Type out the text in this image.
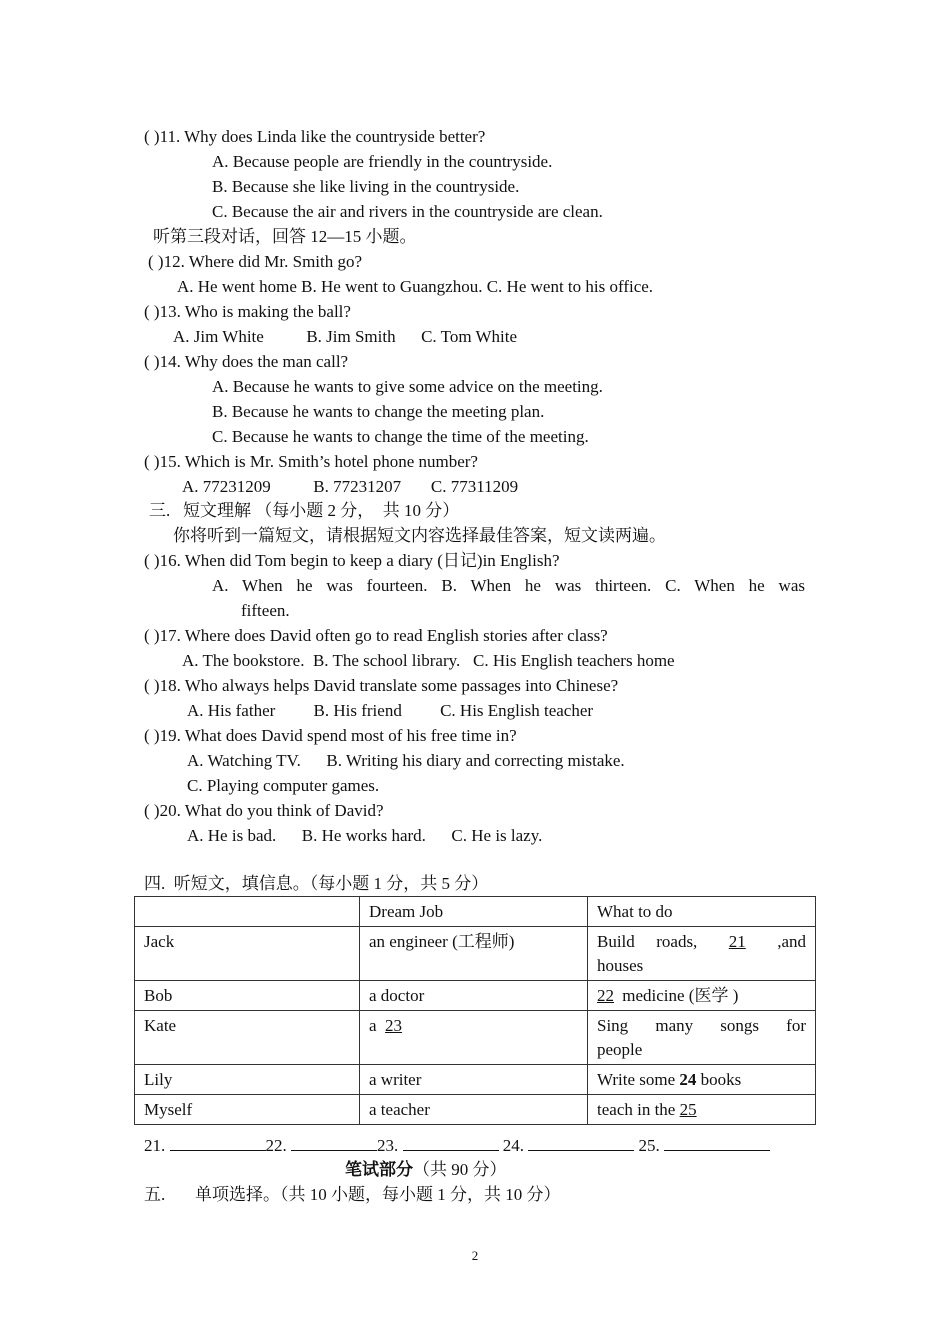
( )11. Why does Linda like the countryside better?
A. Because people are friendly in the countryside.
B. Because she like living in the countryside.
C. Because the air and rivers in the countryside are clean.
听第三段对话，回答 12—15 小题。
( )12. Where did Mr. Smith go?
A. He went home B. He went to Guangzhou. C. He went to his office.
( )13. Who is making the ball?
A. Jim White          B. Jim Smith      C. Tom White
( )14. Why does the man call?
A. Because he wants to give some advice on the meeting.
B. Because he wants to change the meeting plan.
C. Because he wants to change the time of the meeting.
( )15. Which is Mr. Smith’s hotel phone number?
A. 77231209          B. 77231207       C. 77311209
三.   短文理解 （每小题 2 分，  共 10 分）
你将听到一篇短文，请根据短文内容选择最佳答案，短文读两遍。
( )16. When did Tom begin to keep a diary (日记)in English?
A. When he was fourteen. B. When he was thirteen. C. When he was
fifteen.
( )17. Where does David often go to read English stories after class?
A. The bookstore.  B. The school library.   C. His English teachers home
( )18. Who always helps David translate some passages into Chinese?
A. His father         B. His friend         C. His English teacher
( )19. What does David spend most of his free time in?
A. Watching TV.      B. Writing his diary and correcting mistake.
C. Playing computer games.
( )20. What do you think of David?
A. He is bad.      B. He works hard.      C. He is lazy.
四.  听短文，填信息。（每小题 1 分，共 5 分）
	Dream Job	What to do
Jack	an engineer (工程师)	Build roads, 21 ,and
houses
Bob	a doctor	22 medicine (医学 )
Kate	a  23	Sing many songs for
people
Lily	a writer	Write some 24 books
Myself	a teacher	teach in the 25
21.	22.	23.	24.	25.
笔试部分（共 90 分）
五.       单项选择。（共 10 小题，每小题 1 分，共 10 分）
2
